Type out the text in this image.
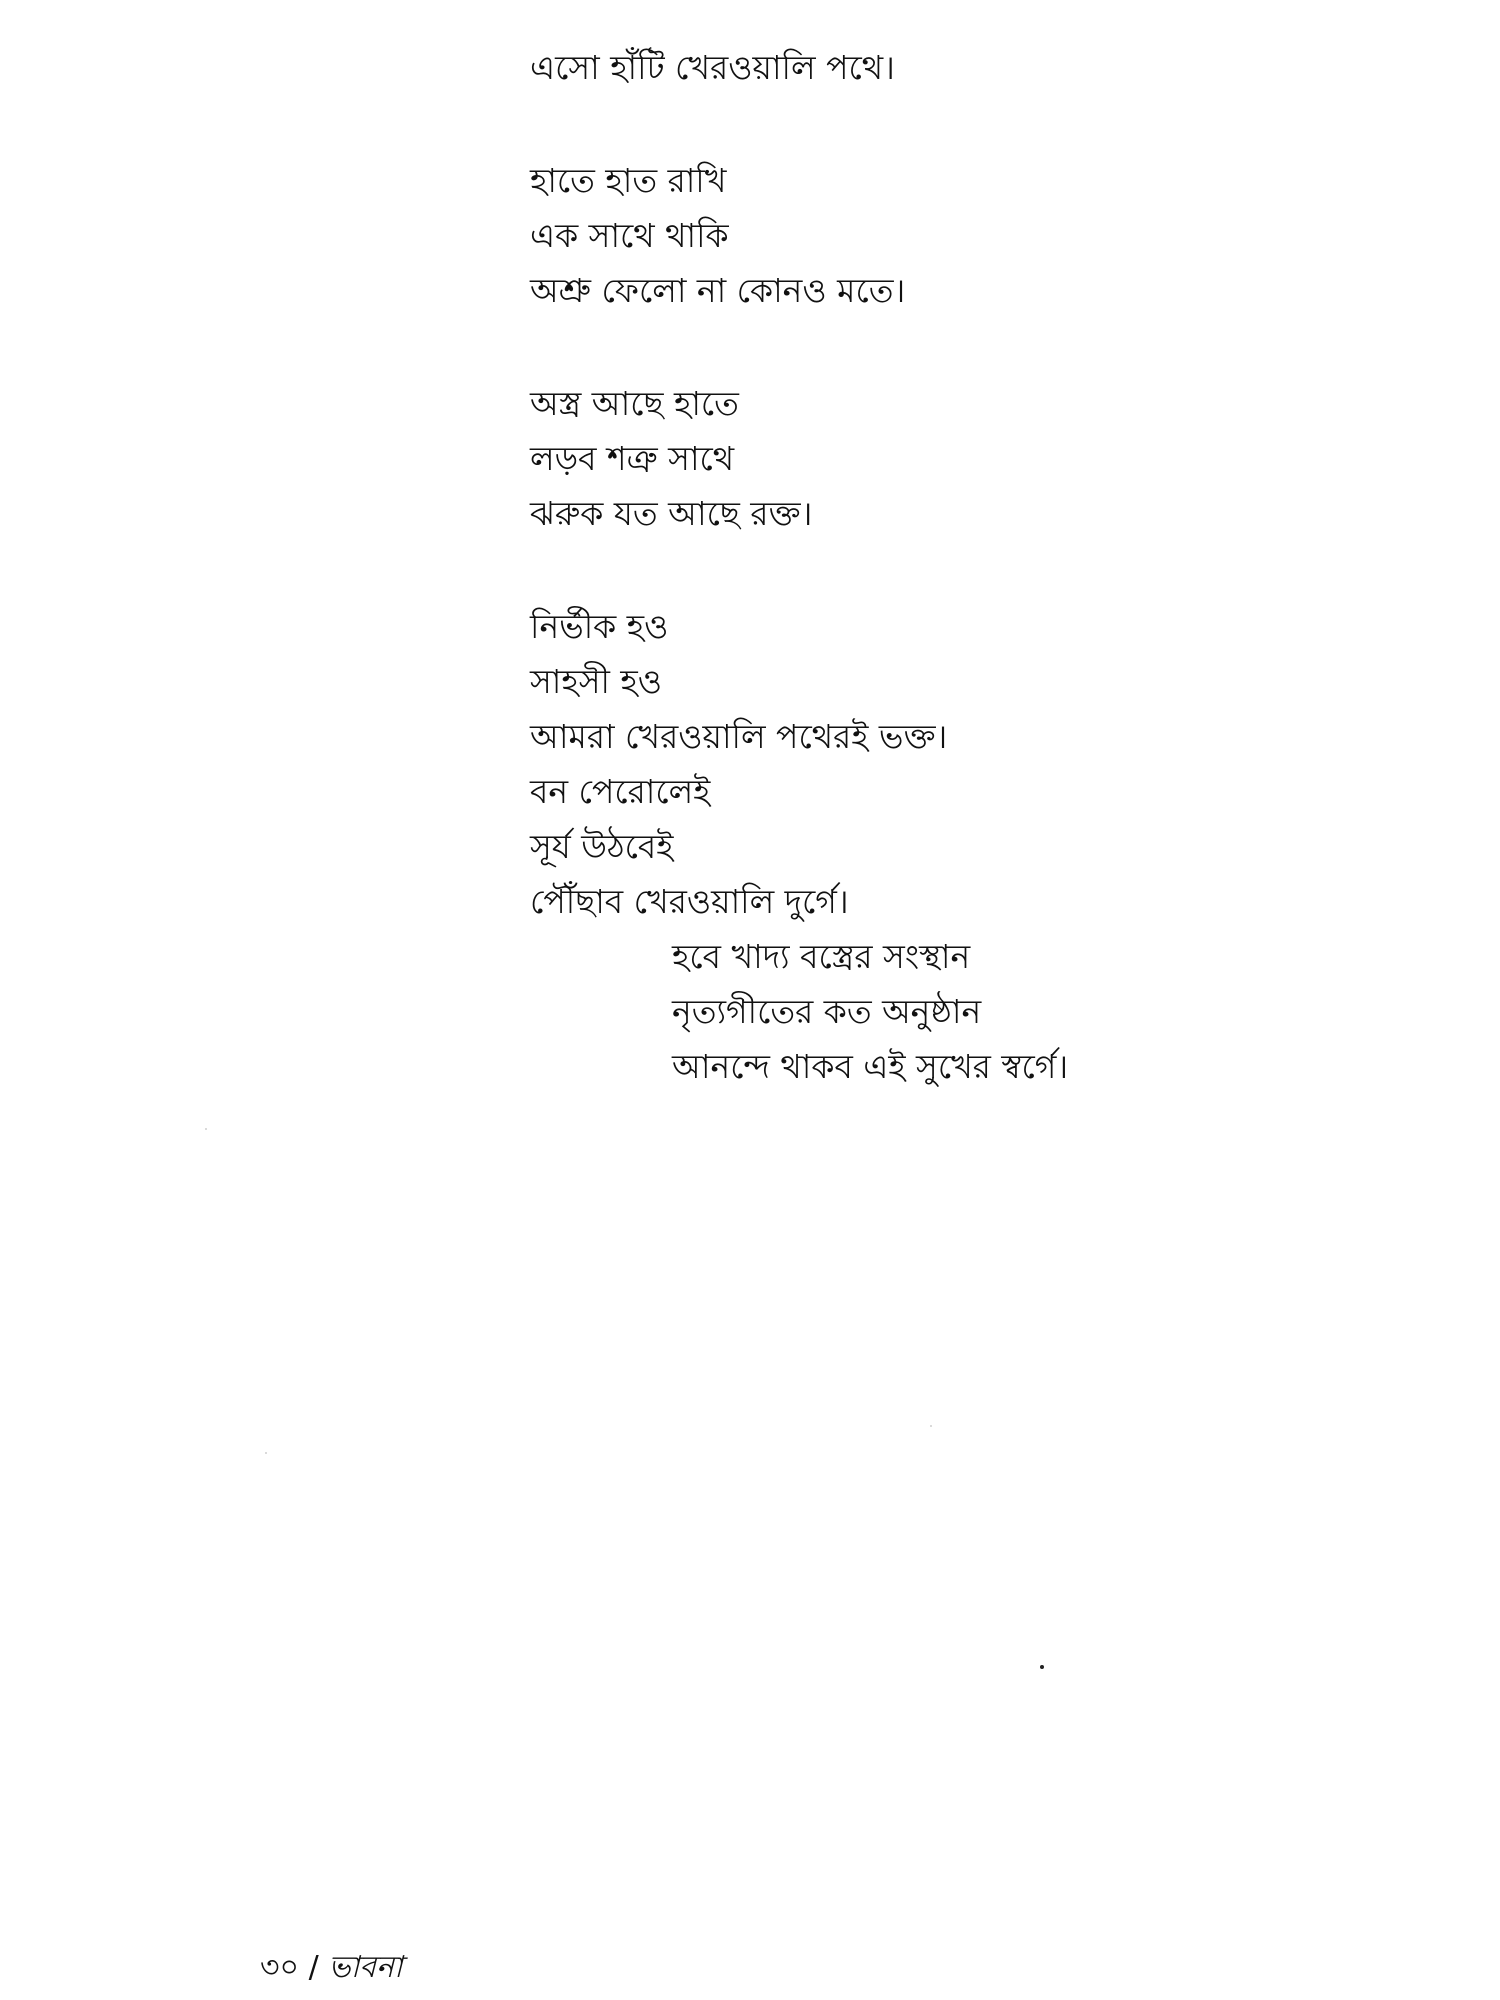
এসো হাঁটি খেরওয়ালি পথে।
হাতে হাত রাখি
এক সাথে থাকি
অশ্রু ফেলো না কোনও মতে।
অস্ত্র আছে হাতে
লড়ব শত্রু সাথে
ঝরুক যত আছে রক্ত।
নির্ভীক হও
সাহসী হও
আমরা খেরওয়ালি পথেরই ভক্ত।
বন পেরোলেই
সূর্য উঠবেই
পৌঁছাব খেরওয়ালি দুর্গে।
হবে খাদ্য বস্ত্রের সংস্থান
নৃত্যগীতের কত অনুষ্ঠান
আনন্দে থাকব এই সুখের স্বর্গে।
৩০ / ভাবনা
